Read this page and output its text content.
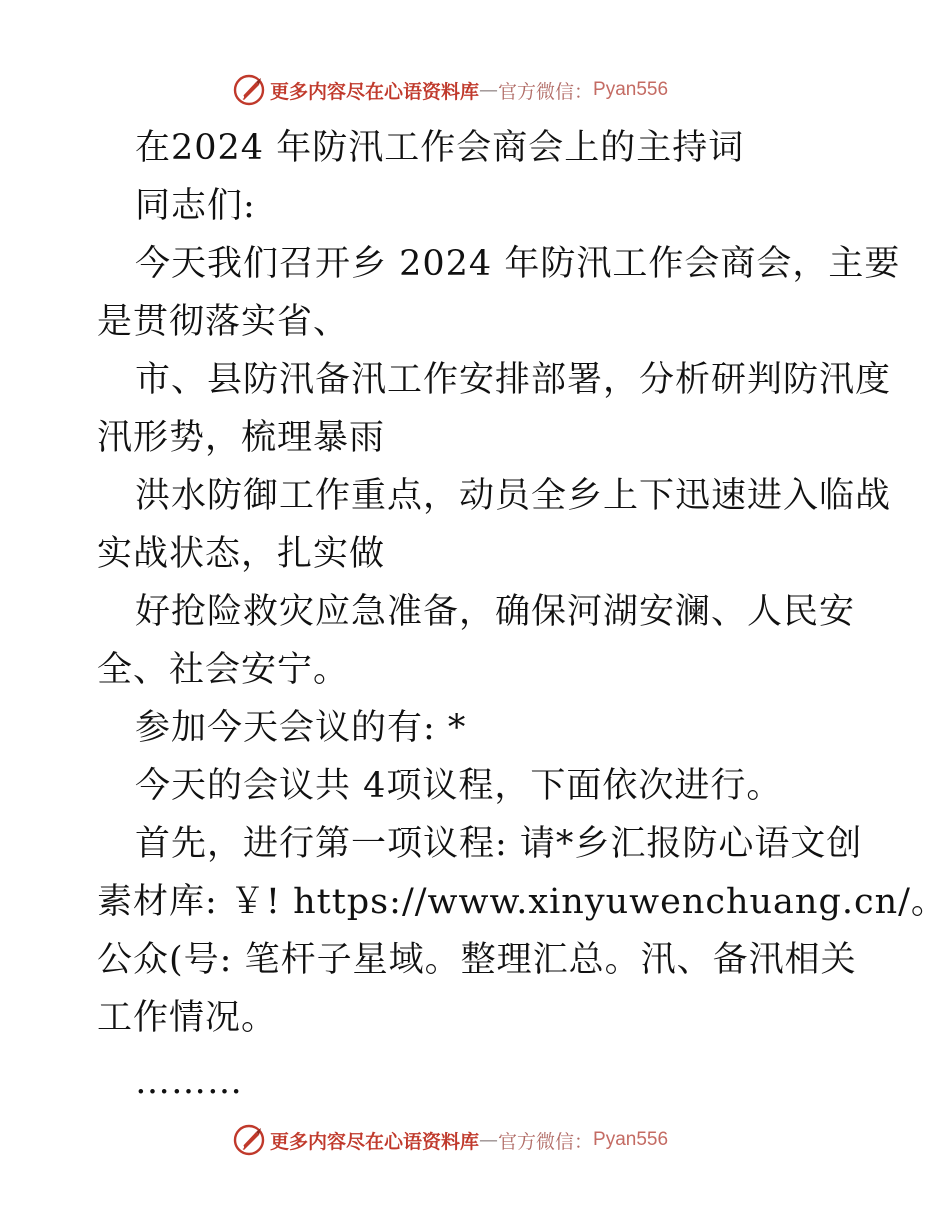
更多内容尽在心语资料库 — 官方微信： Pyan556
在2024 年防汛工作会商会上的主持词
同志们:
今天我们召开乡 2024 年防汛工作会商会，主要
是贯彻落实省、
市、县防汛备汛工作安排部署，分析研判防汛度
汛形势，梳理暴雨
洪水防御工作重点，动员全乡上下迅速进入临战
实战状态，扎实做
好抢险救灾应急准备，确保河湖安澜、人民安
全、社会安宁。
参加今天会议的有: *
今天的会议共 4项议程，下面依次进行。
首先，进行第一项议程: 请*乡汇报防心语文创
素材库: ￥! https://www.xinyuwenchuang.cn/。
公众(号: 笔杆子星域。整理汇总。汛、备汛相关
工作情况。
………
更多内容尽在心语资料库 — 官方微信： Pyan556
